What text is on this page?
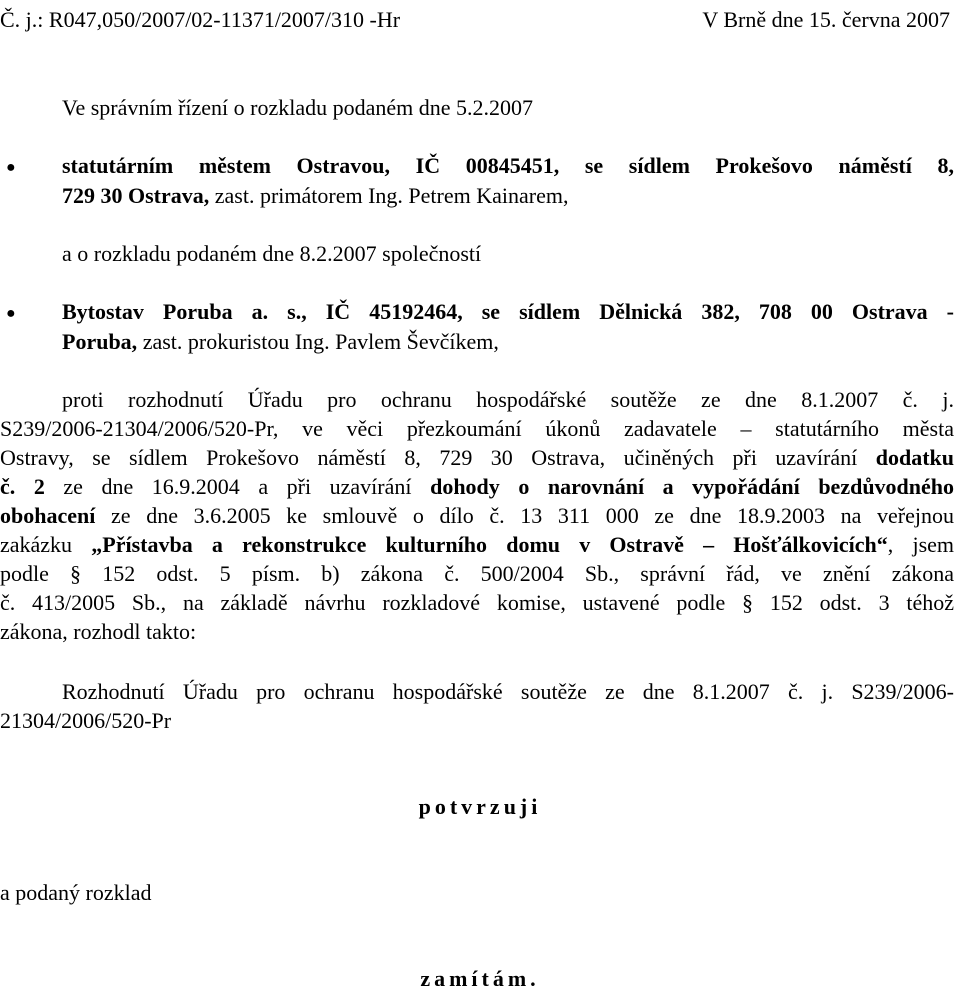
Č. j.: R047,050/2007/02-11371/2007/310 -Hr	V Brně dne 15. června 2007
Ve správním řízení o rozkladu podaném dne 5.2.2007
● statutárním městem Ostravou, IČ 00845451, se sídlem Prokešovo náměstí 8,
729 30 Ostrava, zast. primátorem Ing. Petrem Kainarem,
a o rozkladu podaném dne 8.2.2007 společností
● Bytostav Poruba a. s., IČ 45192464, se sídlem Dělnická 382, 708 00 Ostrava -
Poruba, zast. prokuristou Ing. Pavlem Ševčíkem,
proti rozhodnutí Úřadu pro ochranu hospodářské soutěže ze dne 8.1.2007 č. j.
S239/2006-21304/2006/520-Pr, ve věci přezkoumání úkonů zadavatele – statutárního města
Ostravy, se sídlem Prokešovo náměstí 8, 729 30 Ostrava, učiněných při uzavírání dodatku
č. 2 ze dne 16.9.2004 a při uzavírání dohody o narovnání a vypořádání bezdůvodného
obohacení ze dne 3.6.2005 ke smlouvě o dílo č. 13 311 000 ze dne 18.9.2003 na veřejnou
zakázku „Přístavba a rekonstrukce kulturního domu v Ostravě – Hošťálkovicích“, jsem
podle § 152 odst. 5 písm. b) zákona č. 500/2004 Sb., správní řád, ve znění zákona
č. 413/2005 Sb., na základě návrhu rozkladové komise, ustavené podle § 152 odst. 3 téhož
zákona, rozhodl takto:
Rozhodnutí Úřadu pro ochranu hospodářské soutěže ze dne 8.1.2007 č. j. S239/2006-
21304/2006/520-Pr
potvrzuji
a podaný rozklad
zamítám.
